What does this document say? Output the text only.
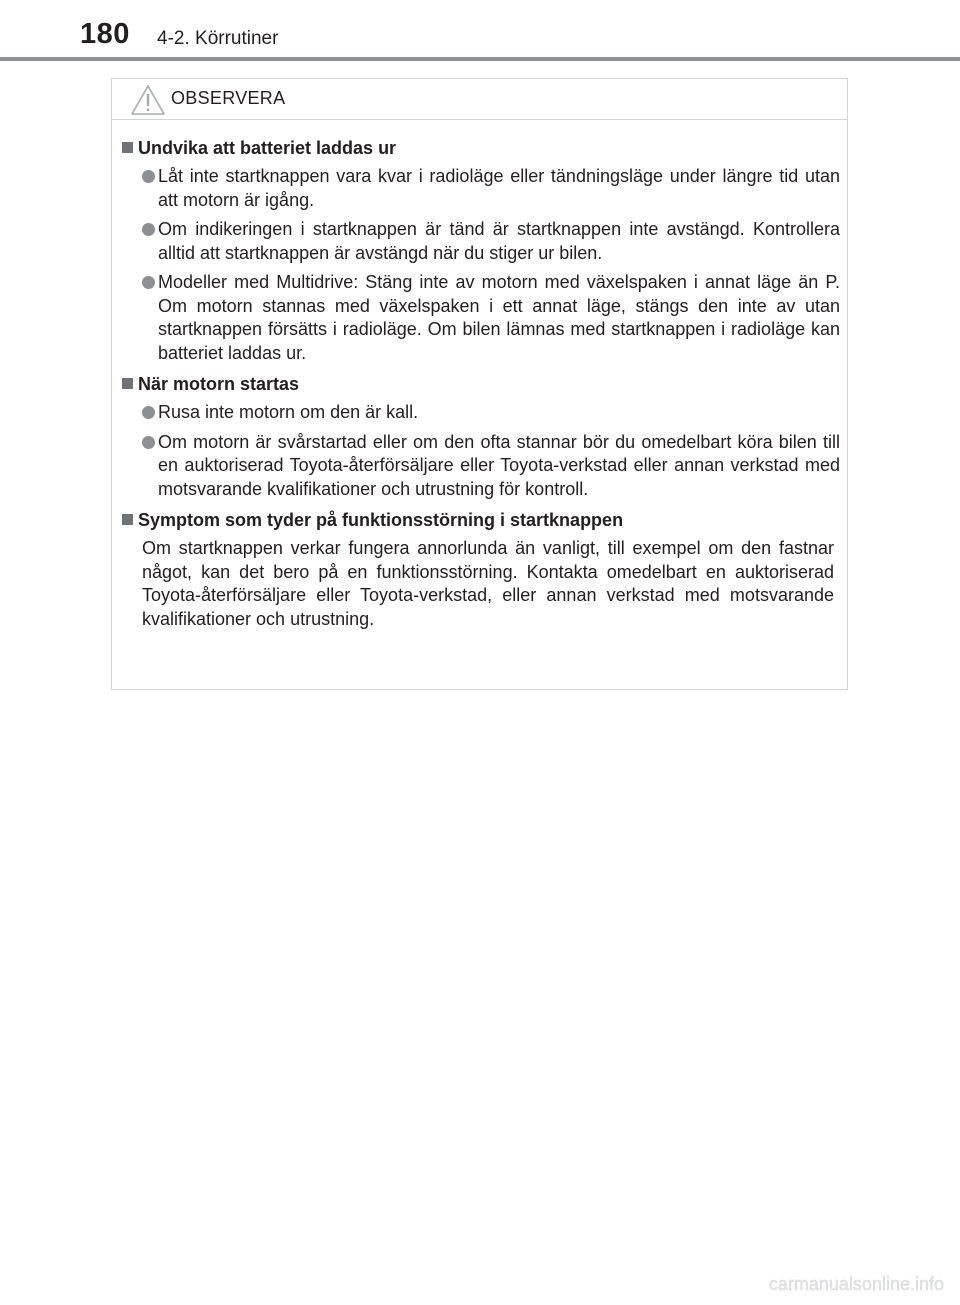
180 4-2. Körrutiner
OBSERVERA
Undvika att batteriet laddas ur
Låt inte startknappen vara kvar i radioläge eller tändningsläge under längre tid utan att motorn är igång.
Om indikeringen i startknappen är tänd är startknappen inte avstängd. Kontrollera alltid att startknappen är avstängd när du stiger ur bilen.
Modeller med Multidrive: Stäng inte av motorn med växelspaken i annat läge än P. Om motorn stannas med växelspaken i ett annat läge, stängs den inte av utan startknappen försätts i radioläge. Om bilen lämnas med startknappen i radioläge kan batteriet laddas ur.
När motorn startas
Rusa inte motorn om den är kall.
Om motorn är svårstartad eller om den ofta stannar bör du omedelbart köra bilen till en auktoriserad Toyota-återförsäljare eller Toyota-verkstad eller annan verkstad med motsvarande kvalifikationer och utrustning för kontroll.
Symptom som tyder på funktionsstörning i startknappen

Om startknappen verkar fungera annorlunda än vanligt, till exempel om den fastnar något, kan det bero på en funktionsstörning. Kontakta omedelbart en auktoriserad Toyota-återförsäljare eller Toyota-verkstad, eller annan verkstad med motsvarande kvalifikationer och utrustning.

carmanualsonline.info
